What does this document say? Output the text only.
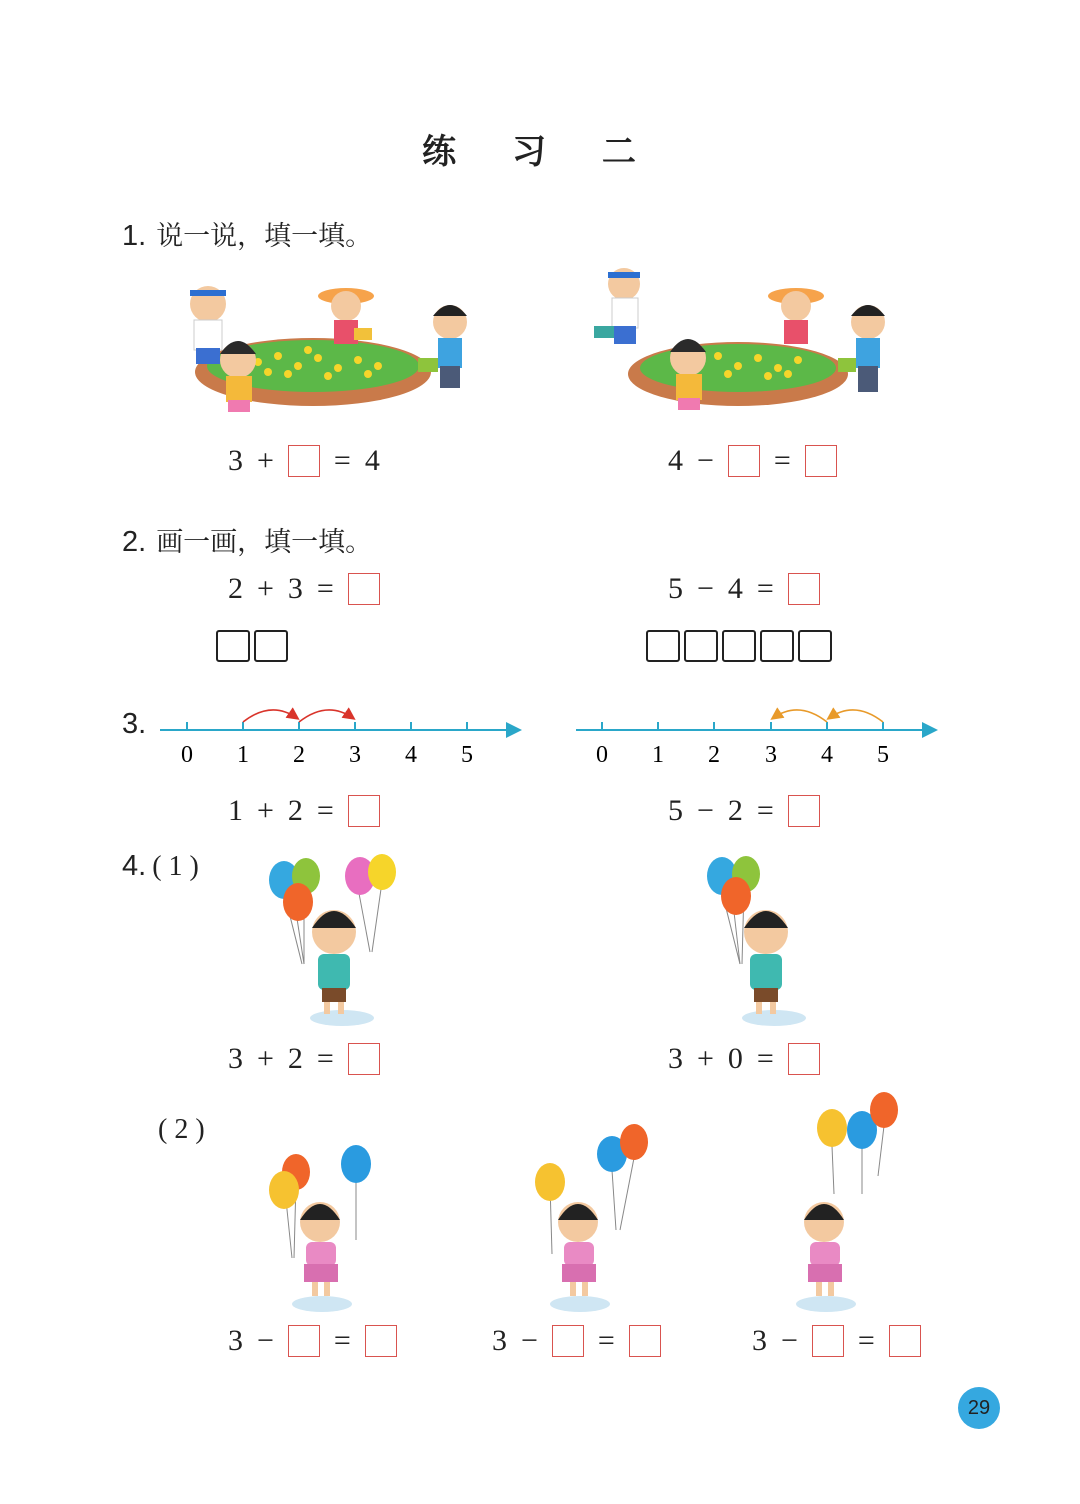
练 习 二
1. 说一说，填一填。
3 + = 4	4 − =
2. 画一画，填一填。
2 + 3 =	5 − 4 =
3.
0 1 2 3 4 5	0 1 2 3 4 5
1 + 2 =	5 − 2 =
4. ( 1 )
3 + 2 =	3 + 0 =
( 2 )
3 − =	3 − =	3 − =
29
